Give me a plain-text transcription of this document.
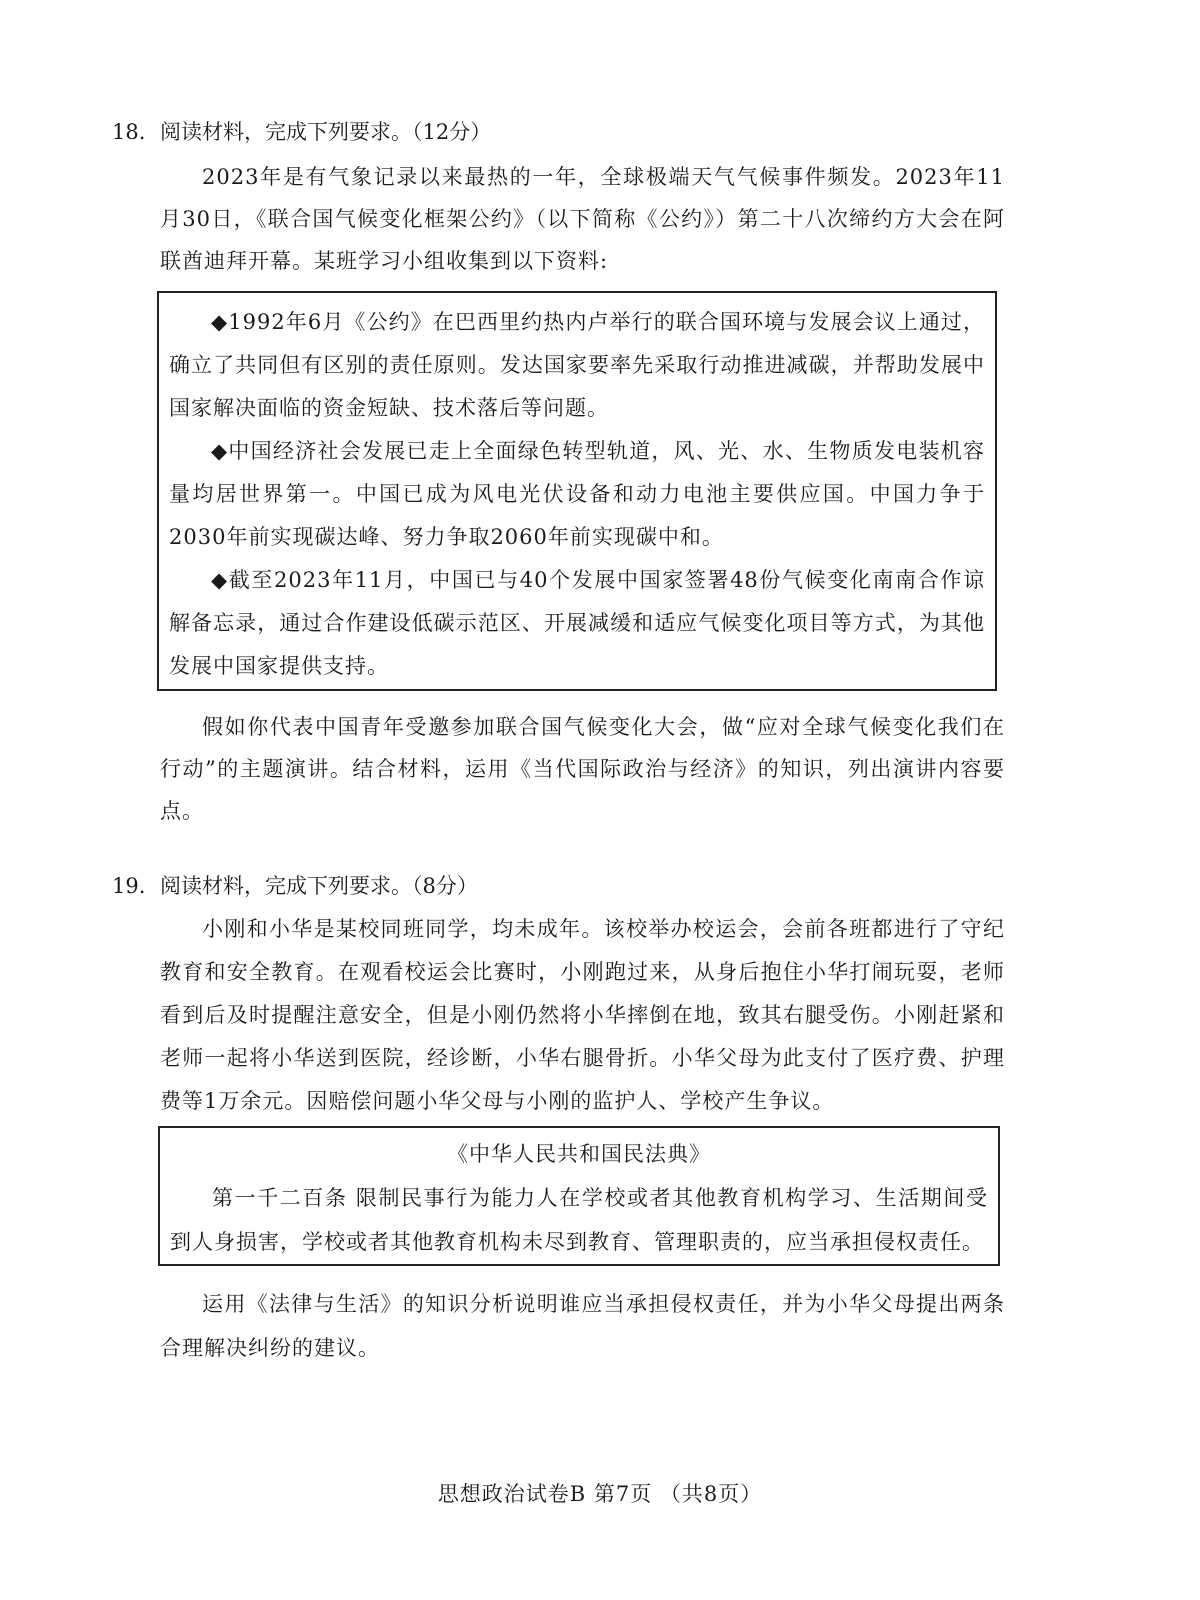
18. 阅读材料，完成下列要求。（12分）

2023年是有气象记录以来最热的一年，全球极端天气气候事件频发。2023年11月30日，《联合国气候变化框架公约》（以下简称《公约》）第二十八次缔约方大会在阿联酋迪拜开幕。某班学习小组收集到以下资料:

◆1992年6月《公约》在巴西里约热内卢举行的联合国环境与发展会议上通过，确立了共同但有区别的责任原则。发达国家要率先采取行动推进减碳，并帮助发展中国家解决面临的资金短缺、技术落后等问题。

◆中国经济社会发展已走上全面绿色转型轨道，风、光、水、生物质发电装机容量均居世界第一。中国已成为风电光伏设备和动力电池主要供应国。中国力争于2030年前实现碳达峰、努力争取2060年前实现碳中和。

◆截至2023年11月，中国已与40个发展中国家签署48份气候变化南南合作谅解备忘录，通过合作建设低碳示范区、开展减缓和适应气候变化项目等方式，为其他发展中国家提供支持。

假如你代表中国青年受邀参加联合国气候变化大会，做“应对全球气候变化我们在行动”的主题演讲。结合材料，运用《当代国际政治与经济》的知识，列出演讲内容要点。

19. 阅读材料，完成下列要求。（8分）

小刚和小华是某校同班同学，均未成年。该校举办校运会，会前各班都进行了守纪教育和安全教育。在观看校运会比赛时，小刚跑过来，从身后抱住小华打闹玩耍，老师看到后及时提醒注意安全，但是小刚仍然将小华摔倒在地，致其右腿受伤。小刚赶紧和老师一起将小华送到医院，经诊断，小华右腿骨折。小华父母为此支付了医疗费、护理费等1万余元。因赔偿问题小华父母与小刚的监护人、学校产生争议。

《中华人民共和国民法典》

第一千二百条 限制民事行为能力人在学校或者其他教育机构学习、生活期间受到人身损害，学校或者其他教育机构未尽到教育、管理职责的，应当承担侵权责任。

运用《法律与生活》的知识分析说明谁应当承担侵权责任，并为小华父母提出两条合理解决纠纷的建议。

思想政治试卷B 第7页 （共8页）
